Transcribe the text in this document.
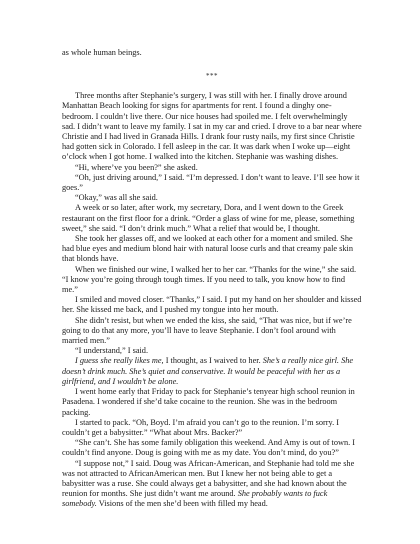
as whole human beings.

***

Three months after Stephanie’s surgery, I was still with her. I finally drove around Manhattan Beach looking for signs for apartments for rent. I found a dinghy one-bedroom. I couldn’t live there. Our nice houses had spoiled me. I felt overwhelmingly sad. I didn’t want to leave my family. I sat in my car and cried. I drove to a bar near where Christie and I had lived in Granada Hills. I drank four rusty nails, my first since Christie had gotten sick in Colorado. I fell asleep in the car. It was dark when I woke up—eight o’clock when I got home. I walked into the kitchen. Stephanie was washing dishes.

“Hi, where’ve you been?” she asked.

“Oh, just driving around,” I said. “I’m depressed. I don’t want to leave. I’ll see how it goes.”

“Okay,” was all she said.

A week or so later, after work, my secretary, Dora, and I went down to the Greek restaurant on the first floor for a drink. “Order a glass of wine for me, please, something sweet,” she said. “I don’t drink much.” What a relief that would be, I thought.

She took her glasses off, and we looked at each other for a moment and smiled. She had blue eyes and medium blond hair with natural loose curls and that creamy pale skin that blonds have.

When we finished our wine, I walked her to her car. “Thanks for the wine,” she said. “I know you’re going through tough times. If you need to talk, you know how to find me.”

I smiled and moved closer. “Thanks,” I said. I put my hand on her shoulder and kissed her. She kissed me back, and I pushed my tongue into her mouth.

She didn’t resist, but when we ended the kiss, she said, “That was nice, but if we’re going to do that any more, you’ll have to leave Stephanie. I don’t fool around with married men.”

“I understand,” I said.

I guess she really likes me, I thought, as I waived to her. She’s a really nice girl. She doesn’t drink much. She’s quiet and conservative. It would be peaceful with her as a girlfriend, and I wouldn’t be alone.

I went home early that Friday to pack for Stephanie’s tenyear high school reunion in Pasadena. I wondered if she’d take cocaine to the reunion. She was in the bedroom packing.

I started to pack. “Oh, Boyd. I’m afraid you can’t go to the reunion. I’m sorry. I couldn’t get a babysitter.” “What about Mrs. Backer?”

“She can’t. She has some family obligation this weekend. And Amy is out of town. I couldn’t find anyone. Doug is going with me as my date. You don’t mind, do you?”

“I suppose not,” I said. Doug was African-American, and Stephanie had told me she was not attracted to AfricanAmerican men. But I knew her not being able to get a babysitter was a ruse. She could always get a babysitter, and she had known about the reunion for months. She just didn’t want me around. She probably wants to fuck somebody. Visions of the men she’d been with filled my head.
